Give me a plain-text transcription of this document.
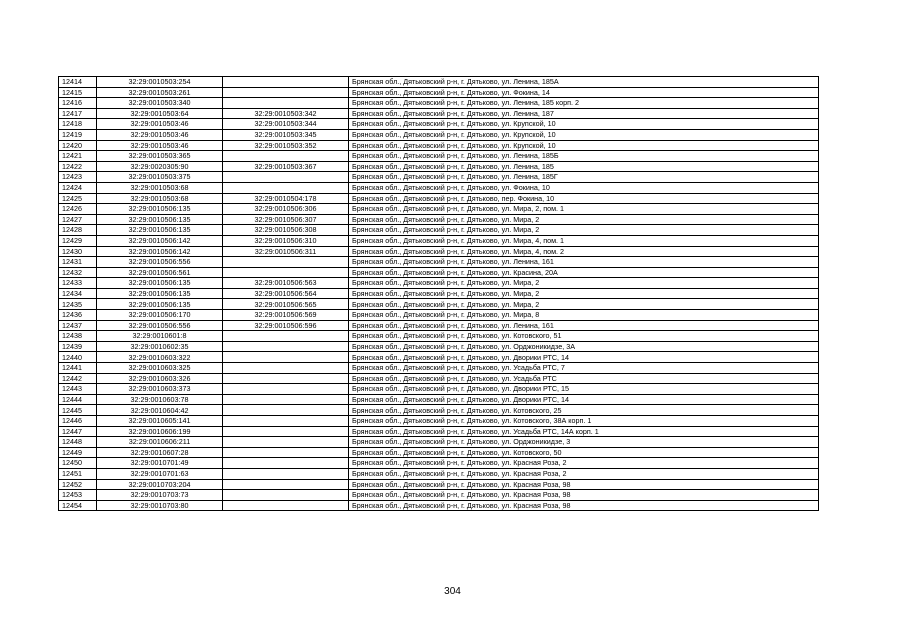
12414	32:29:0010503:254		Брянская обл., Дятьковский р-н, г. Дятьково, ул. Ленина, 185А
12415	32:29:0010503:261		Брянская обл., Дятьковский р-н, г. Дятьково, ул. Фокина, 14
12416	32:29:0010503:340		Брянская обл., Дятьковский р-н, г. Дятьково, ул. Ленина, 185 корп. 2
12417	32:29:0010503:64	32:29:0010503:342	Брянская обл., Дятьковский р-н, г. Дятьково, ул. Ленина, 187
12418	32:29:0010503:46	32:29:0010503:344	Брянская обл., Дятьковский р-н, г. Дятьково, ул. Крупской, 10
12419	32:29:0010503:46	32:29:0010503:345	Брянская обл., Дятьковский р-н, г. Дятьково, ул. Крупской, 10
12420	32:29:0010503:46	32:29:0010503:352	Брянская обл., Дятьковский р-н, г. Дятьково, ул. Крупской, 10
12421	32:29:0010503:365		Брянская обл., Дятьковский р-н, г. Дятьково, ул. Ленина, 185Б
12422	32:29:0020305:90	32:29:0010503:367	Брянская обл., Дятьковский р-н, г. Дятьково, ул. Ленина, 185
12423	32:29:0010503:375		Брянская обл., Дятьковский р-н, г. Дятьково, ул. Ленина, 185Г
12424	32:29:0010503:68		Брянская обл., Дятьковский р-н, г. Дятьково, ул. Фокина, 10
12425	32:29:0010503:68	32:29:0010504:178	Брянская обл., Дятьковский р-н, г. Дятьково, пер. Фокина, 10
12426	32:29:0010506:135	32:29:0010506:306	Брянская обл., Дятьковский р-н, г. Дятьково, ул. Мира, 2, пом. 1
12427	32:29:0010506:135	32:29:0010506:307	Брянская обл., Дятьковский р-н, г. Дятьково, ул. Мира, 2
12428	32:29:0010506:135	32:29:0010506:308	Брянская обл., Дятьковский р-н, г. Дятьково, ул. Мира, 2
12429	32:29:0010506:142	32:29:0010506:310	Брянская обл., Дятьковский р-н, г. Дятьково, ул. Мира, 4, пом. 1
12430	32:29:0010506:142	32:29:0010506:311	Брянская обл., Дятьковский р-н, г. Дятьково, ул. Мира, 4, пом. 2
12431	32:29:0010506:556		Брянская обл., Дятьковский р-н, г. Дятьково, ул. Ленина, 161
12432	32:29:0010506:561		Брянская обл., Дятьковский р-н, г. Дятьково, ул. Красина, 20А
12433	32:29:0010506:135	32:29:0010506:563	Брянская обл., Дятьковский р-н, г. Дятьково, ул. Мира, 2
12434	32:29:0010506:135	32:29:0010506:564	Брянская обл., Дятьковский р-н, г. Дятьково, ул. Мира, 2
12435	32:29:0010506:135	32:29:0010506:565	Брянская обл., Дятьковский р-н, г. Дятьково, ул. Мира, 2
12436	32:29:0010506:170	32:29:0010506:569	Брянская обл., Дятьковский р-н, г. Дятьково, ул. Мира, 8
12437	32:29:0010506:556	32:29:0010506:596	Брянская обл., Дятьковский р-н, г. Дятьково, ул. Ленина, 161
12438	32:29:0010601:8		Брянская обл., Дятьковский р-н, г. Дятьково, ул. Котовского, 51
12439	32:29:0010602:35		Брянская обл., Дятьковский р-н, г. Дятьково, ул. Орджоникидзе, 3А
12440	32:29:0010603:322		Брянская обл., Дятьковский р-н, г. Дятьково, ул. Дворики РТС, 14
12441	32:29:0010603:325		Брянская обл., Дятьковский р-н, г. Дятьково, ул. Усадьба РТС, 7
12442	32:29:0010603:326		Брянская обл., Дятьковский р-н, г. Дятьково, ул. Усадьба РТС
12443	32:29:0010603:373		Брянская обл., Дятьковский р-н, г. Дятьково, ул. Дворики РТС, 15
12444	32:29:0010603:78		Брянская обл., Дятьковский р-н, г. Дятьково, ул. Дворики РТС, 14
12445	32:29:0010604:42		Брянская обл., Дятьковский р-н, г. Дятьково, ул. Котовского, 25
12446	32:29:0010605:141		Брянская обл., Дятьковский р-н, г. Дятьково, ул. Котовского, 38А корп. 1
12447	32:29:0010606:199		Брянская обл., Дятьковский р-н, г. Дятьково, ул. Усадьба РТС, 14А корп. 1
12448	32:29:0010606:211		Брянская обл., Дятьковский р-н, г. Дятьково, ул. Орджоникидзе, 3
12449	32:29:0010607:28		Брянская обл., Дятьковский р-н, г. Дятьково, ул. Котовского, 50
12450	32:29:0010701:49		Брянская обл., Дятьковский р-н, г. Дятьково, ул. Красная Роза, 2
12451	32:29:0010701:63		Брянская обл., Дятьковский р-н, г. Дятьково, ул. Красная Роза, 2
12452	32:29:0010703:204		Брянская обл., Дятьковский р-н, г. Дятьково, ул. Красная Роза, 98
12453	32:29:0010703:73		Брянская обл., Дятьковский р-н, г. Дятьково, ул. Красная Роза, 98
12454	32:29:0010703:80		Брянская обл., Дятьковский р-н, г. Дятьково, ул. Красная Роза, 98
304
